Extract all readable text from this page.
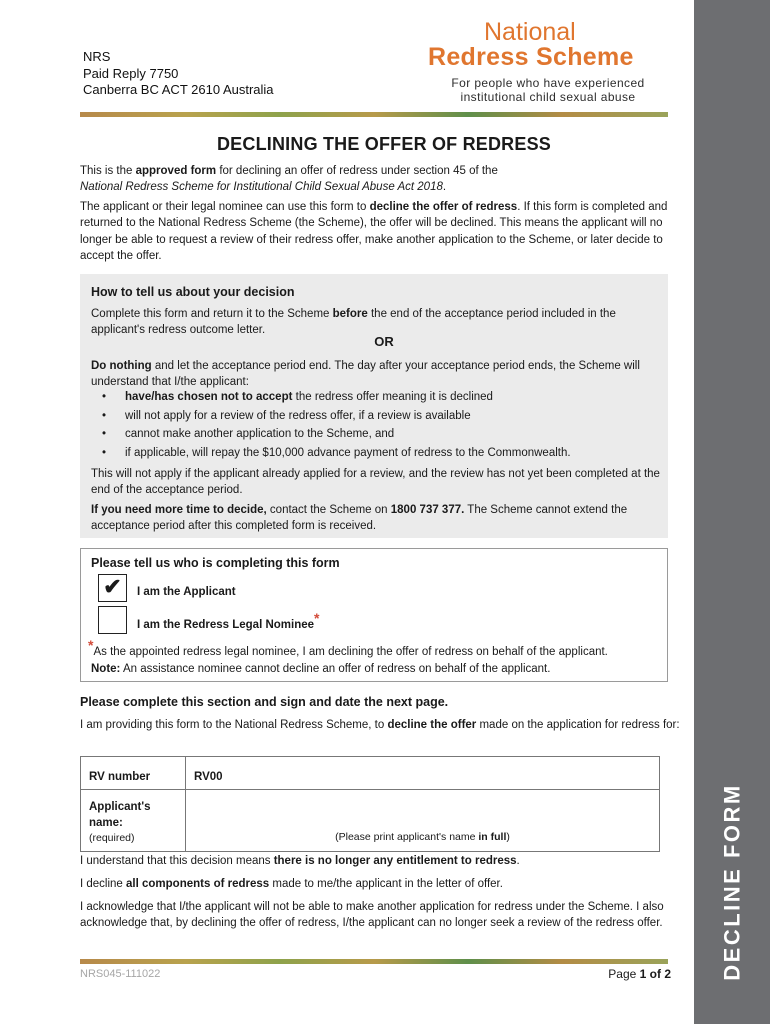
DECLINE FORM
NRS
Paid Reply 7750
Canberra BC ACT 2610 Australia
National
Redress Scheme
For people who have experienced
institutional child sexual abuse
DECLINING THE OFFER OF REDRESS
This is the approved form for declining an offer of redress under section 45 of the
National Redress Scheme for Institutional Child Sexual Abuse Act 2018.
The applicant or their legal nominee can use this form to decline the offer of redress. If this form is completed and returned to the National Redress Scheme (the Scheme), the offer will be declined. This means the applicant will no longer be able to request a review of their redress offer, make another application to the Scheme, or later decide to accept the offer.
How to tell us about your decision
Complete this form and return it to the Scheme before the end of the acceptance period included in the applicant's redress outcome letter.
OR
Do nothing and let the acceptance period end. The day after your acceptance period ends, the Scheme will understand that I/the applicant:
• have/has chosen not to accept the redress offer meaning it is declined
• will not apply for a review of the redress offer, if a review is available
• cannot make another application to the Scheme, and
• if applicable, will repay the $10,000 advance payment of redress to the Commonwealth.
This will not apply if the applicant already applied for a review, and the review has not yet been completed at the end of the acceptance period.
If you need more time to decide, contact the Scheme on 1800 737 377. The Scheme cannot extend the acceptance period after this completed form is received.
Please tell us who is completing this form
✔	I am the Applicant
I am the Redress Legal Nominee*
*As the appointed redress legal nominee, I am declining the offer of redress on behalf of the applicant.
Note: An assistance nominee cannot decline an offer of redress on behalf of the applicant.
Please complete this section and sign and date the next page.
I am providing this form to the National Redress Scheme, to decline the offer made on the application for redress for:
RV number	RV00
Applicant's
name:
(required)	(Please print applicant's name in full)
I understand that this decision means there is no longer any entitlement to redress.
I decline all components of redress made to me/the applicant in the letter of offer.
I acknowledge that I/the applicant will not be able to make another application for redress under the Scheme. I also acknowledge that, by declining the offer of redress, I/the applicant can no longer seek a review of the redress offer.
NRS045-111022	Page 1 of 2
